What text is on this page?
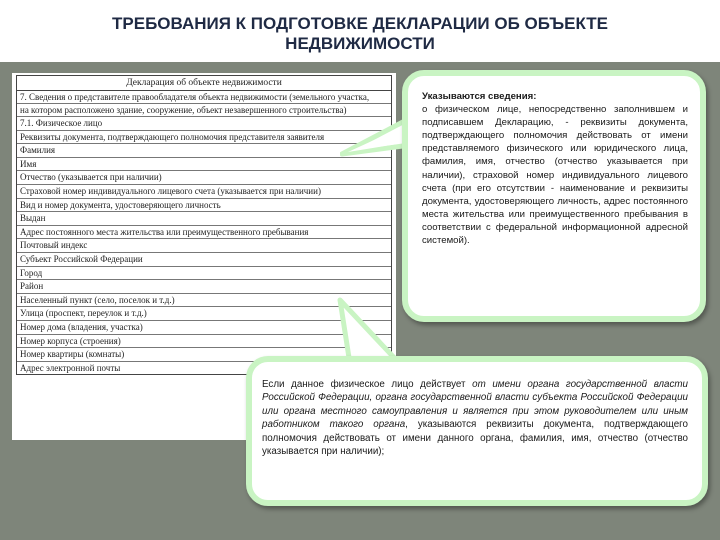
ТРЕБОВАНИЯ К ПОДГОТОВКЕ ДЕКЛАРАЦИИ ОБ ОБЪЕКТЕ
НЕДВИЖИМОСТИ
Декларация об объекте недвижимости
7. Сведения о представителе правообладателя объекта недвижимости (земельного участка,
на котором расположено здание, сооружение, объект незавершенного строительства)
7.1. Физическое лицо
Реквизиты документа, подтверждающего полномочия представителя заявителя
Фамилия
Имя
Отчество (указывается при наличии)
Страховой номер индивидуального лицевого счета (указывается при наличии)
Вид и номер документа, удостоверяющего личность
Выдан
Адрес постоянного места жительства или преимущественного пребывания
Почтовый индекс
Субъект Российской Федерации
Город
Район
Населенный пункт (село, поселок и т.д.)
Улица (проспект, переулок и т.д.)
Номер дома (владения, участка)
Номер корпуса (строения)
Номер квартиры (комнаты)
Адрес электронной почты

Указываются сведения:

о физическом лице, непосредственно заполнившем и подписавшем Декларацию, - реквизиты документа, подтверждающего полномочия действовать от имени представляемого физического или юридического лица, фамилия, имя, отчество (отчество указывается при наличии), страховой номер индивидуального лицевого счета (при его отсутствии - наименование и реквизиты документа, удостоверяющего личность, адрес постоянного места жительства или преимущественного пребывания в соответствии с федеральной информационной адресной системой).

Если данное физическое лицо действует от имени органа государственной власти Российской Федерации, органа государственной власти субъекта Российской Федерации или органа местного самоуправления и является при этом руководителем или иным работником такого органа, указываются реквизиты документа, подтверждающего полномочия действовать от имени данного органа, фамилия, имя, отчество (отчество указывается при наличии);
